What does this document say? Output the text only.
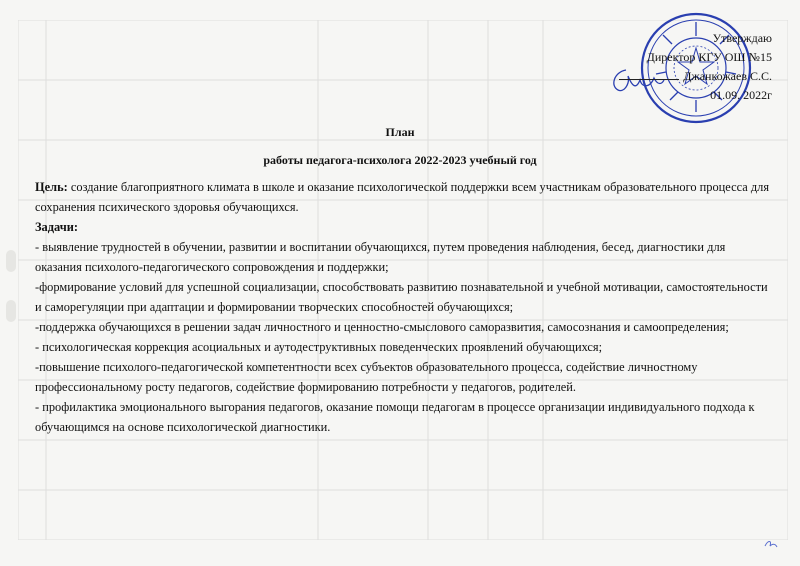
Утверждаю
Директор КГУ ОШ №15
Джанкожаев С.С.
01.09. 2022г
План
работы педагога-психолога 2022-2023 учебный год

Цель: создание благоприятного климата в школе и оказание психологической поддержки всем участникам образовательного процесса для сохранения психического здоровья обучающихся.

Задачи:

- выявление трудностей в обучении, развитии и воспитании обучающихся, путем проведения наблюдения, бесед, диагностики для оказания психолого-педагогического сопровождения и поддержки;

-формирование условий для успешной социализации, способствовать развитию познавательной и учебной мотивации, самостоятельности и саморегуляции при адаптации и формировании творческих способностей обучающихся;

-поддержка обучающихся в решении задач личностного и ценностно-смыслового саморазвития, самосознания и самоопределения;

- психологическая коррекция асоциальных и аутодеструктивных поведенческих проявлений обучающихся;

-повышение психолого-педагогической компетентности всех субъектов образовательного процесса, содействие личностному профессиональному росту педагогов, содействие формированию потребности у педагогов, родителей.

- профилактика эмоционального выгорания педагогов, оказание помощи педагогам в процессе организации индивидуального подхода к обучающимся на основе психологической диагностики.
